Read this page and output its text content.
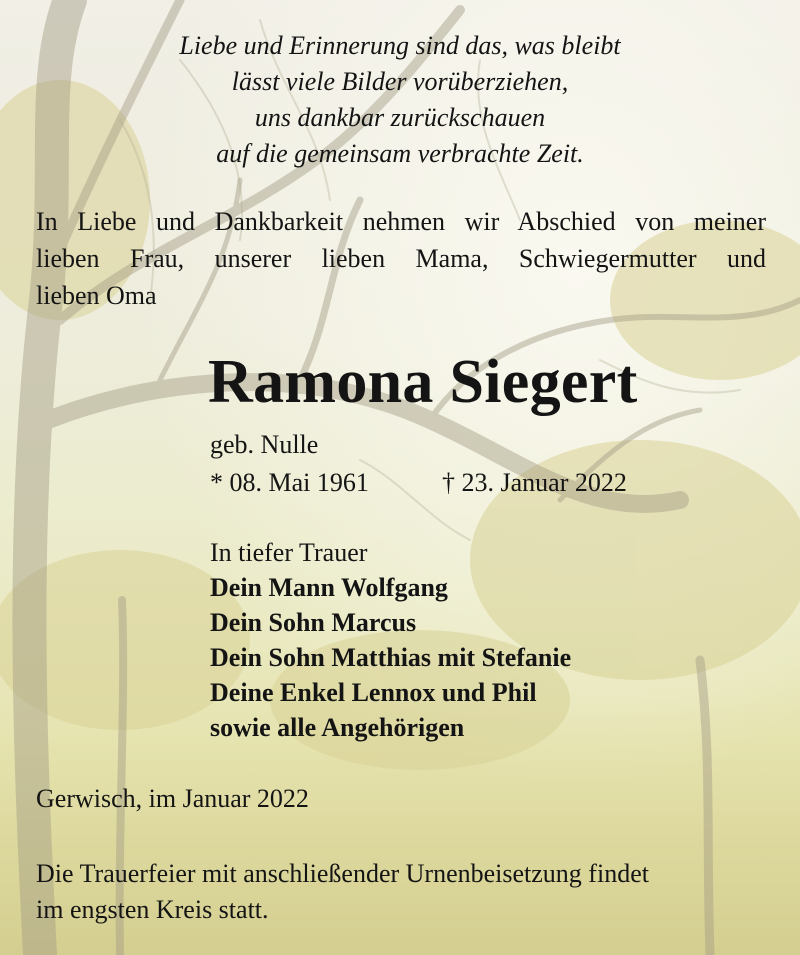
Liebe und Erinnerung sind das, was bleibt
lässt viele Bilder vorüberziehen,
uns dankbar zurückschauen
auf die gemeinsam verbrachte Zeit.
In Liebe und Dankbarkeit nehmen wir Abschied von meiner
lieben Frau, unserer lieben Mama, Schwiegermutter und
lieben Oma
Ramona Siegert
geb. Nulle
* 08. Mai 1961	† 23. Januar 2022
In tiefer Trauer
Dein Mann Wolfgang
Dein Sohn Marcus
Dein Sohn Matthias mit Stefanie
Deine Enkel Lennox und Phil
sowie alle Angehörigen
Gerwisch, im Januar 2022
Die Trauerfeier mit anschließender Urnenbeisetzung findet
im engsten Kreis statt.
